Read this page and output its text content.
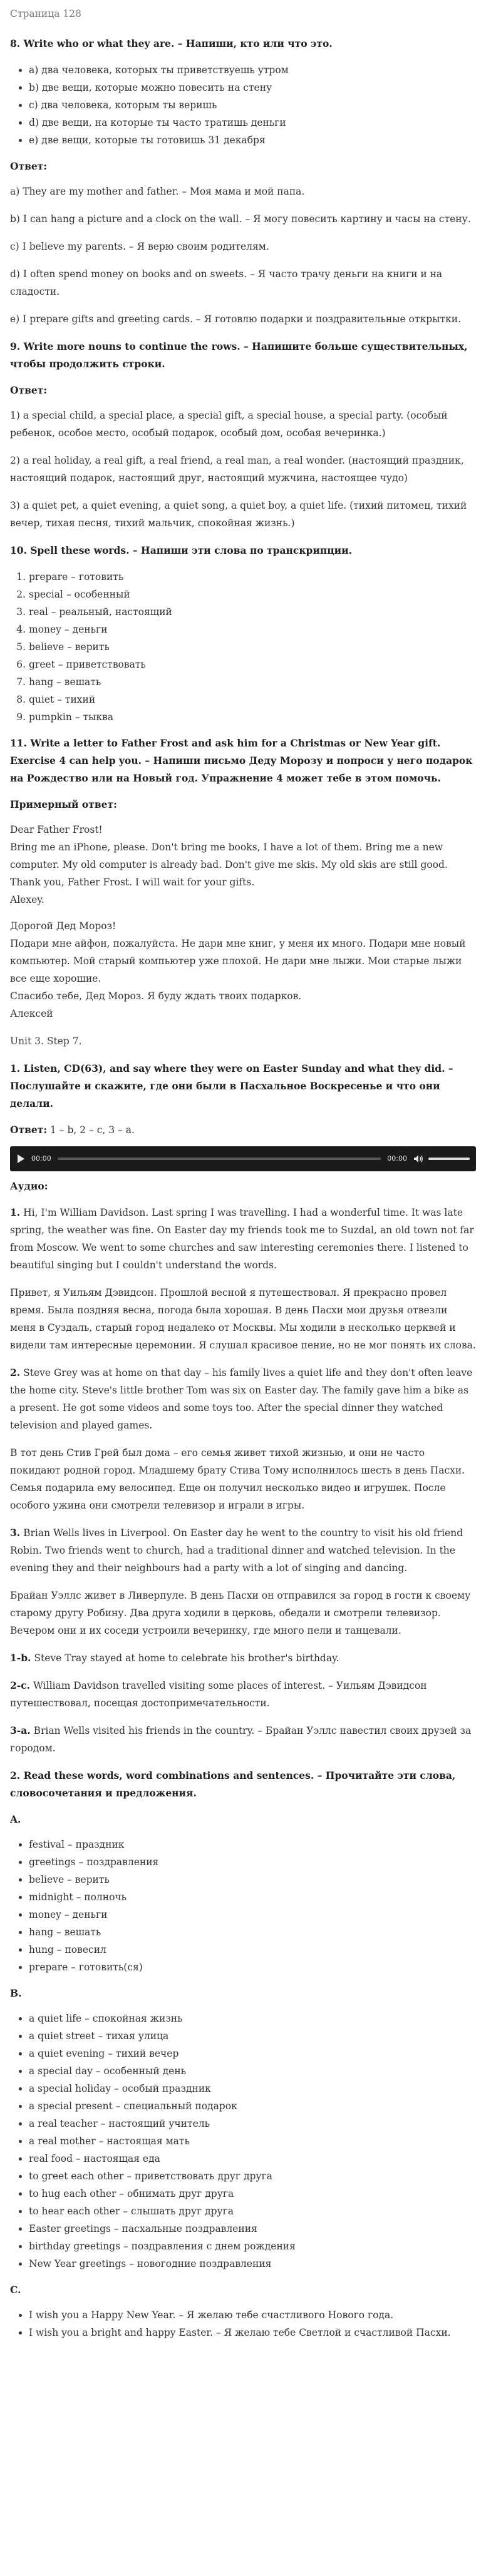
Страница 128
8. Write who or what they are. – Напиши, кто или что это.
• a) два человека, которых ты приветствуешь утром
• b) две вещи, которые можно повесить на стену
• c) два человека, которым ты веришь
• d) две вещи, на которые ты часто тратишь деньги
• e) две вещи, которые ты готовишь 31 декабря
Ответ:

a) They are my mother and father. – Моя мама и мой папа.

b) I can hang a picture and a clock on the wall. – Я могу повесить картину и часы на стену.

c) I believe my parents. – Я верю своим родителям.

d) I often spend money on books and on sweets. – Я часто трачу деньги на книги и на сладости.

e) I prepare gifts and greeting cards. – Я готовлю подарки и поздравительные открытки.

9. Write more nouns to continue the rows. – Напишите больше существительных, чтобы продолжить строки.
Ответ:

1) a special child, a special place, a special gift, a special house, a special party. (особый ребенок, особое место, особый подарок, особый дом, особая вечеринка.)

2) a real holiday, a real gift, a real friend, a real man, a real wonder. (настоящий праздник, настоящий подарок, настоящий друг, настоящий мужчина, настоящее чудо)

3) a quiet pet, a quiet evening, a quiet song, a quiet boy, a quiet life. (тихий питомец, тихий вечер, тихая песня, тихий мальчик, спокойная жизнь.)

10. Spell these words. – Напиши эти слова по транскрипции.
1. prepare – готовить
2. special – особенный
3. real – реальный, настоящий
4. money – деньги
5. believe – верить
6. greet – приветствовать
7. hang – вешать
8. quiet – тихий
9. pumpkin – тыква
11. Write a letter to Father Frost and ask him for a Christmas or New Year gift. Exercise 4 can help you. – Напиши письмо Деду Морозу и попроси у него подарок на Рождество или на Новый год. Упражнение 4 может тебе в этом помочь.
Примерный ответ:
Dear Father Frost!
Bring me an iPhone, please. Don't bring me books, I have a lot of them. Bring me a new computer. My old computer is already bad. Don't give me skis. My old skis are still good. Thank you, Father Frost. I will wait for your gifts.
Alexey.
Дорогой Дед Мороз!
Подари мне айфон, пожалуйста. Не дари мне книг, у меня их много. Подари мне новый компьютер. Мой старый компьютер уже плохой. Не дари мне лыжи. Мои старые лыжи все еще хорошие.
Спасибо тебе, Дед Мороз. Я буду ждать твоих подарков.
Алексей
Unit 3. Step 7.
1. Listen, CD(63), and say where they were on Easter Sunday and what they did. – Послушайте и скажите, где они были в Пасхальное Воскресенье и что они делали.

Ответ: 1 – b, 2 – c, 3 – a.

00:00	00:00
Аудио:

1. Hi, I'm William Davidson. Last spring I was travelling. I had a wonderful time. It was late spring, the weather was fine. On Easter day my friends took me to Suzdal, an old town not far from Moscow. We went to some churches and saw interesting ceremonies there. I listened to beautiful singing but I couldn't understand the words.

Привет, я Уильям Дэвидсон. Прошлой весной я путешествовал. Я прекрасно провел время. Была поздняя весна, погода была хорошая. В день Пасхи мои друзья отвезли меня в Суздаль, старый город недалеко от Москвы. Мы ходили в несколько церквей и видели там интересные церемонии. Я слушал красивое пение, но не мог понять их слова.

2. Steve Grey was at home on that day – his family lives a quiet life and they don't often leave the home city. Steve's little brother Tom was six on Easter day. The family gave him a bike as a present. He got some videos and some toys too. After the special dinner they watched television and played games.

В тот день Стив Грей был дома – его семья живет тихой жизнью, и они не часто покидают родной город. Младшему брату Стива Тому исполнилось шесть в день Пасхи. Семья подарила ему велосипед. Еще он получил несколько видео и игрушек. После особого ужина они смотрели телевизор и играли в игры.

3. Brian Wells lives in Liverpool. On Easter day he went to the country to visit his old friend Robin. Two friends went to church, had a traditional dinner and watched television. In the evening they and their neighbours had a party with a lot of singing and dancing.

Брайан Уэллс живет в Ливерпуле. В день Пасхи он отправился за город в гости к своему старому другу Робину. Два друга ходили в церковь, обедали и смотрели телевизор. Вечером они и их соседи устроили вечеринку, где много пели и танцевали.

1-b. Steve Tray stayed at home to celebrate his brother's birthday.

2-c. William Davidson travelled visiting some places of interest. – Уильям Дэвидсон путешествовал, посещая достопримечательности.

3-a. Brian Wells visited his friends in the country. – Брайан Уэллс навестил своих друзей за городом.

2. Read these words, word combinations and sentences. – Прочитайте эти слова, словосочетания и предложения.
A.
• festival – праздник
• greetings – поздравления
• believe – верить
• midnight – полночь
• money – деньги
• hang – вешать
• hung – повесил
• prepare – готовить(ся)
B.
• a quiet life – спокойная жизнь
• a quiet street – тихая улица
• a quiet evening – тихий вечер
• a special day – особенный день
• a special holiday – особый праздник
• a special present – специальный подарок
• a real teacher – настоящий учитель
• a real mother – настоящая мать
• real food – настоящая еда
• to greet each other – приветствовать друг друга
• to hug each other – обнимать друг друга
• to hear each other – слышать друг друга
• Easter greetings – пасхальные поздравления
• birthday greetings – поздравления с днем рождения
• New Year greetings – новогодние поздравления
C.
• I wish you a Happy New Year. – Я желаю тебе счастливого Нового года.
• I wish you a bright and happy Easter. – Я желаю тебе Светлой и счастливой Пасхи.
